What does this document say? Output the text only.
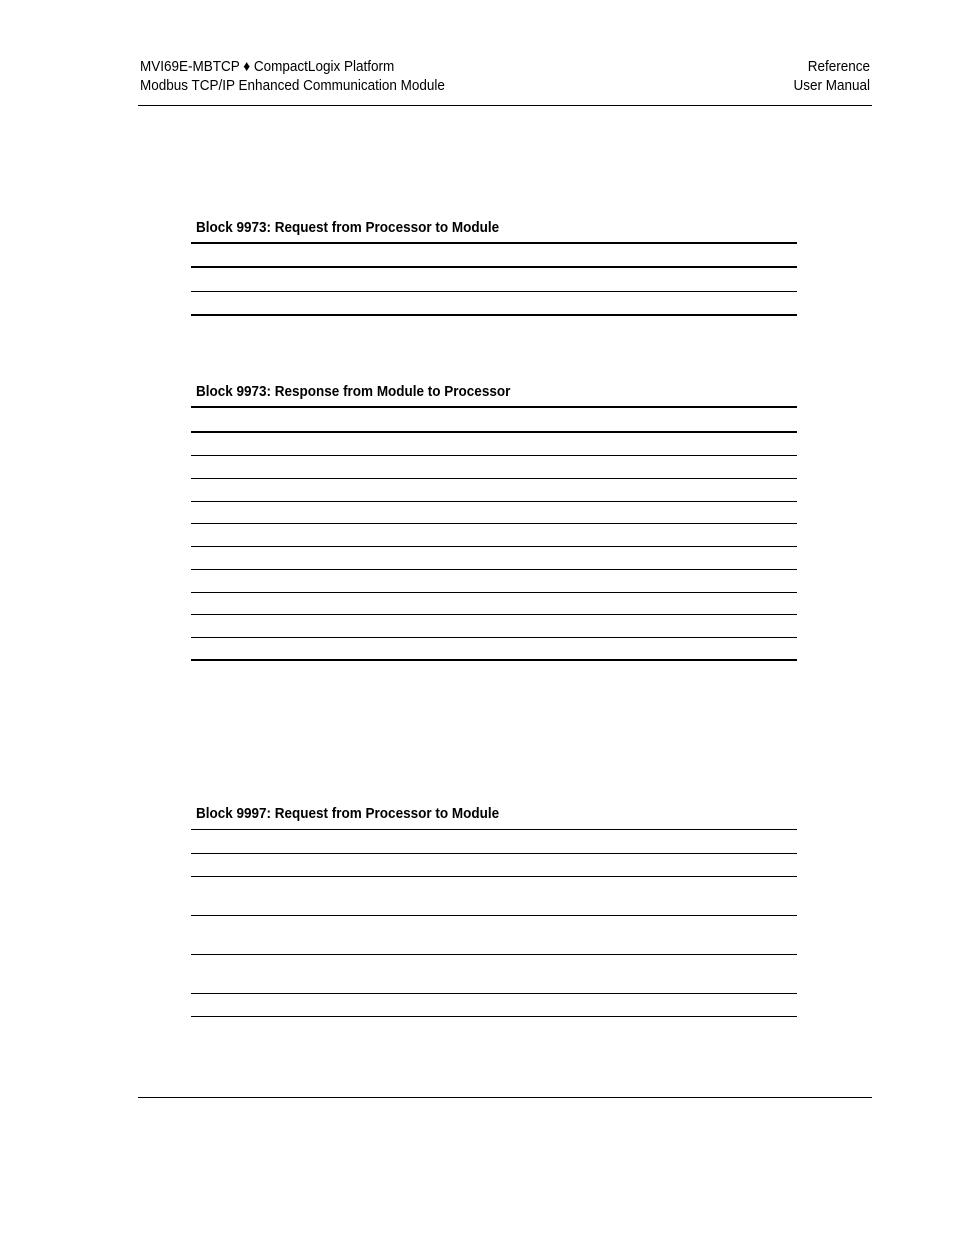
MVI69E-MBTCP ♦ CompactLogix Platform
Modbus TCP/IP Enhanced Communication Module
Reference
User Manual
Block 9973: Request from Processor to Module
Block 9973: Response from Module to Processor
Block 9997: Request from Processor to Module
